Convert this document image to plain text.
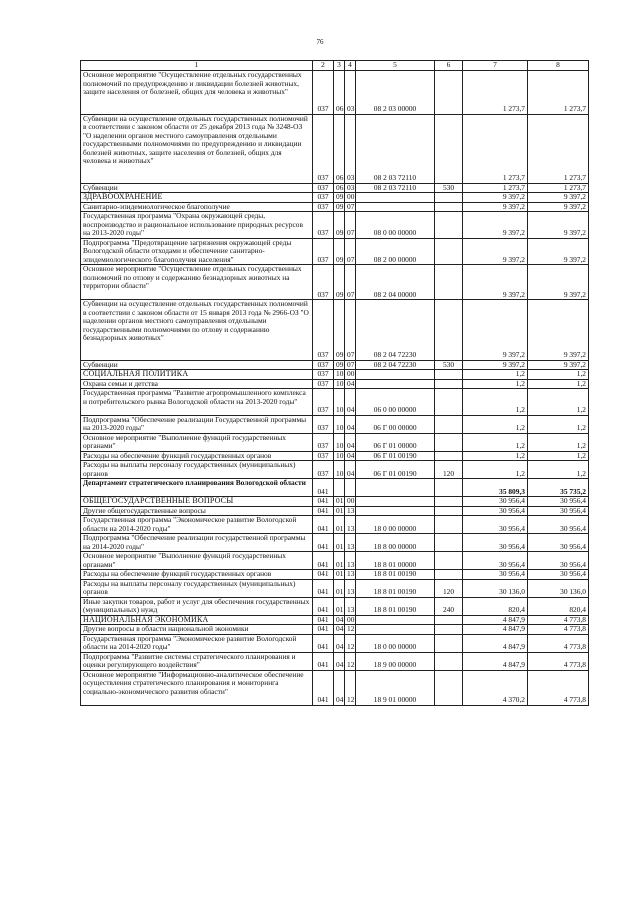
76
1	2	3	4	5	6	7	8
Основное мероприятие "Осуществление отдельных государственных полномочий по предупреждению и ликвидации болезней животных, защите населения от болезней, общих для человека и животных"	037	06	03	08 2 03 00000		1 273,7	1 273,7
Субвенции на осуществление отдельных государственных полномочий в соответствии с законом области от 25 декабря 2013 года № 3248-ОЗ "О наделении органов местного самоуправления отдельными государственными полномочиями по предупреждению и ликвидации болезней животных, защите населения от болезней, общих для человека и животных"	037	06	03	08 2 03 72110		1 273,7	1 273,7
Субвенции	037	06	03	08 2 03 72110	530	1 273,7	1 273,7
ЗДРАВООХРАНЕНИЕ	037	09	00			9 397,2	9 397,2
Санитарно-эпидемиологическое благополучие	037	09	07			9 397,2	9 397,2
Государственная программа "Охрана окружающей среды, воспроизводство и рациональное использование природных ресурсов на 2013-2020 годы"	037	09	07	08 0 00 00000		9 397,2	9 397,2
Подпрограмма "Предотвращение загрязнения окружающей среды Вологодской области отходами и обеспечение санитарно-эпидемиологического благополучия населения"	037	09	07	08 2 00 00000		9 397,2	9 397,2
Основное мероприятие "Осуществление отдельных государственных полномочий по отлову и содержанию безнадзорных животных на территории области"	037	09	07	08 2 04 00000		9 397,2	9 397,2
Субвенции на осуществление отдельных государственных полномочий в соответствии с законом области от 15 января 2013 года № 2966-ОЗ "О наделении органов местного самоуправления отдельными государственными полномочиями по отлову и содержанию безнадзорных животных"	037	09	07	08 2 04 72230		9 397,2	9 397,2
Субвенции	037	09	07	08 2 04 72230	530	9 397,2	9 397,2
СОЦИАЛЬНАЯ ПОЛИТИКА	037	10	00			1,2	1,2
Охрана семьи и детства	037	10	04			1,2	1,2
Государственная программа "Развитие агропромышленного комплекса и потребительского рынка Вологодской области на 2013-2020 годы"	037	10	04	06 0 00 00000		1,2	1,2
Подпрограмма "Обеспечение реализации Государственной программы на 2013-2020 годы"	037	10	04	06 Г 00 00000		1,2	1,2
Основное мероприятие "Выполнение функций государственных органами"	037	10	04	06 Г 01 00000		1,2	1,2
Расходы на обеспечение функций государственных органов	037	10	04	06 Г 01 00190		1,2	1,2
Расходы на выплаты персоналу государственных (муниципальных) органов	037	10	04	06 Г 01 00190	120	1,2	1,2
Департамент стратегического планирования Вологодской области	041					35 809,3	35 735,2
ОБЩЕГОСУДАРСТВЕННЫЕ ВОПРОСЫ	041	01	00			30 956,4	30 956,4
Другие общегосударственные вопросы	041	01	13			30 956,4	30 956,4
Государственная программа "Экономическое развитие Вологодской области на 2014-2020 годы"	041	01	13	18 0 00 00000		30 956,4	30 956,4
Подпрограмма "Обеспечение реализации государственной программы на 2014-2020 годы"	041	01	13	18 8 00 00000		30 956,4	30 956,4
Основное мероприятие "Выполнение функций государственных органами"	041	01	13	18 8 01 00000		30 956,4	30 956,4
Расходы на обеспечение функций государственных органов	041	01	13	18 8 01 00190		30 956,4	30 956,4
Расходы на выплаты персоналу государственных (муниципальных) органов	041	01	13	18 8 01 00190	120	30 136,0	30 136,0
Иные закупки товаров, работ и услуг для обеспечения государственных (муниципальных) нужд	041	01	13	18 8 01 00190	240	820,4	820,4
НАЦИОНАЛЬНАЯ ЭКОНОМИКА	041	04	00			4 847,9	4 773,8
Другие вопросы в области национальной экономики	041	04	12			4 847,9	4 773,8
Государственная программа "Экономическое развитие Вологодской области на 2014-2020 годы"	041	04	12	18 0 00 00000		4 847,9	4 773,8
Подпрограмма "Развитие системы стратегического планирования и оценки регулирующего воздействия"	041	04	12	18 9 00 00000		4 847,9	4 773,8
Основное мероприятие "Информационно-аналитическое обеспечение осуществления стратегического планирования и мониторинга социально-экономического развития области"	041	04	12	18 9 01 00000		4 370,2	4 773,8
